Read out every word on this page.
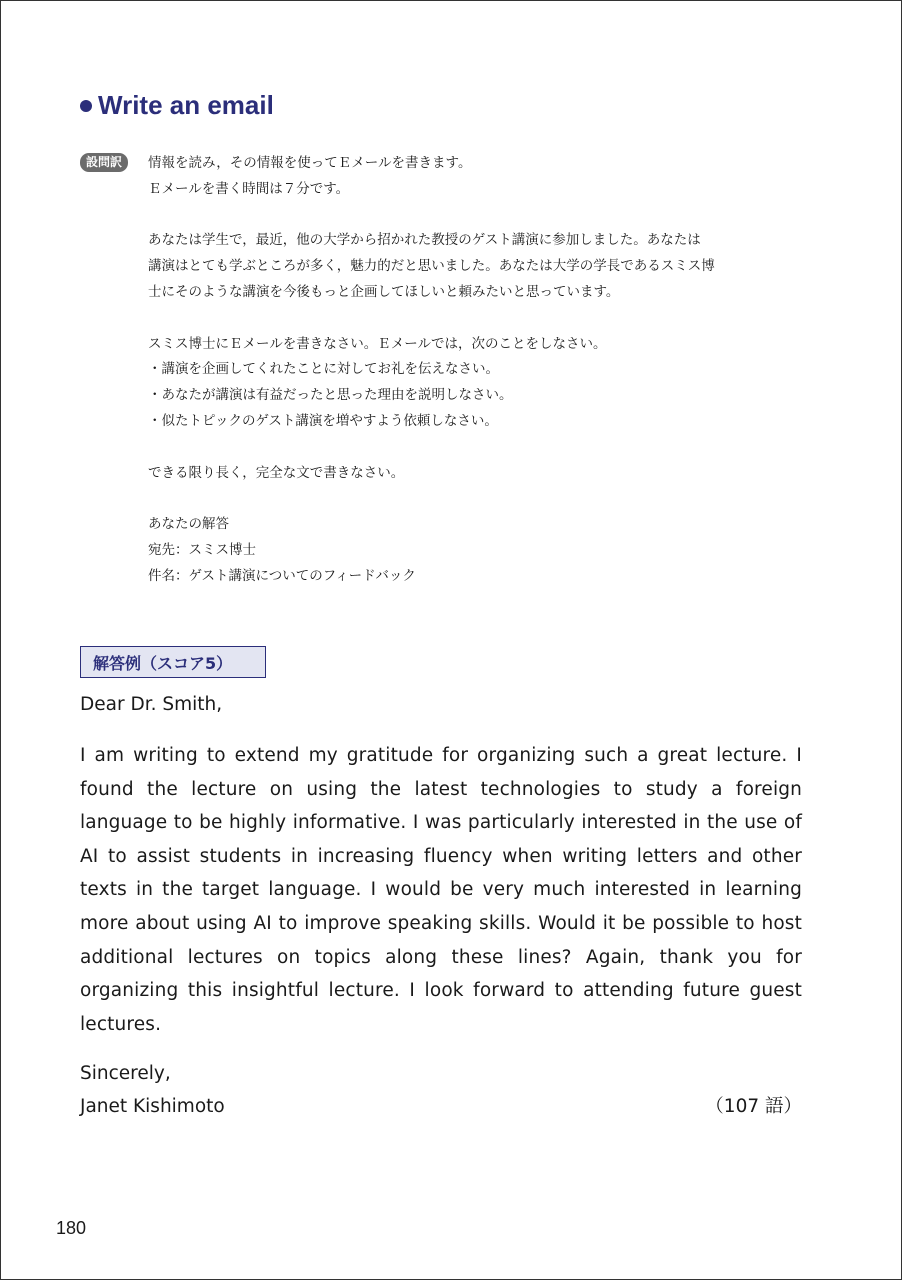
Write an email
設問訳	情報を読み，その情報を使ってＥメールを書きます。

Ｅメールを書く時間は７分です。

あなたは学生で，最近，他の大学から招かれた教授のゲスト講演に参加しました。あなたは

講演はとても学ぶところが多く，魅力的だと思いました。あなたは大学の学長であるスミス博

士にそのような講演を今後もっと企画してほしいと頼みたいと思っています。

スミス博士にＥメールを書きなさい。Ｅメールでは，次のことをしなさい。

・講演を企画してくれたことに対してお礼を伝えなさい。

・あなたが講演は有益だったと思った理由を説明しなさい。

・似たトピックのゲスト講演を増やすよう依頼しなさい。

できる限り長く，完全な文で書きなさい。

あなたの解答

宛先：スミス博士

件名：ゲスト講演についてのフィードバック

解答例（スコア5）

Dear Dr. Smith,

I am writing to extend my gratitude for organizing such a great lecture. I found the lecture on using the latest technologies to study a foreign language to be highly informative. I was particularly interested in the use of AI to assist students in increasing fluency when writing letters and other texts in the target language. I would be very much interested in learning more about using AI to improve speaking skills. Would it be possible to host additional lectures on topics along these lines? Again, thank you for organizing this insightful lecture. I look forward to attending future guest lectures.

Sincerely,

Janet Kishimoto	（107 語）
180
